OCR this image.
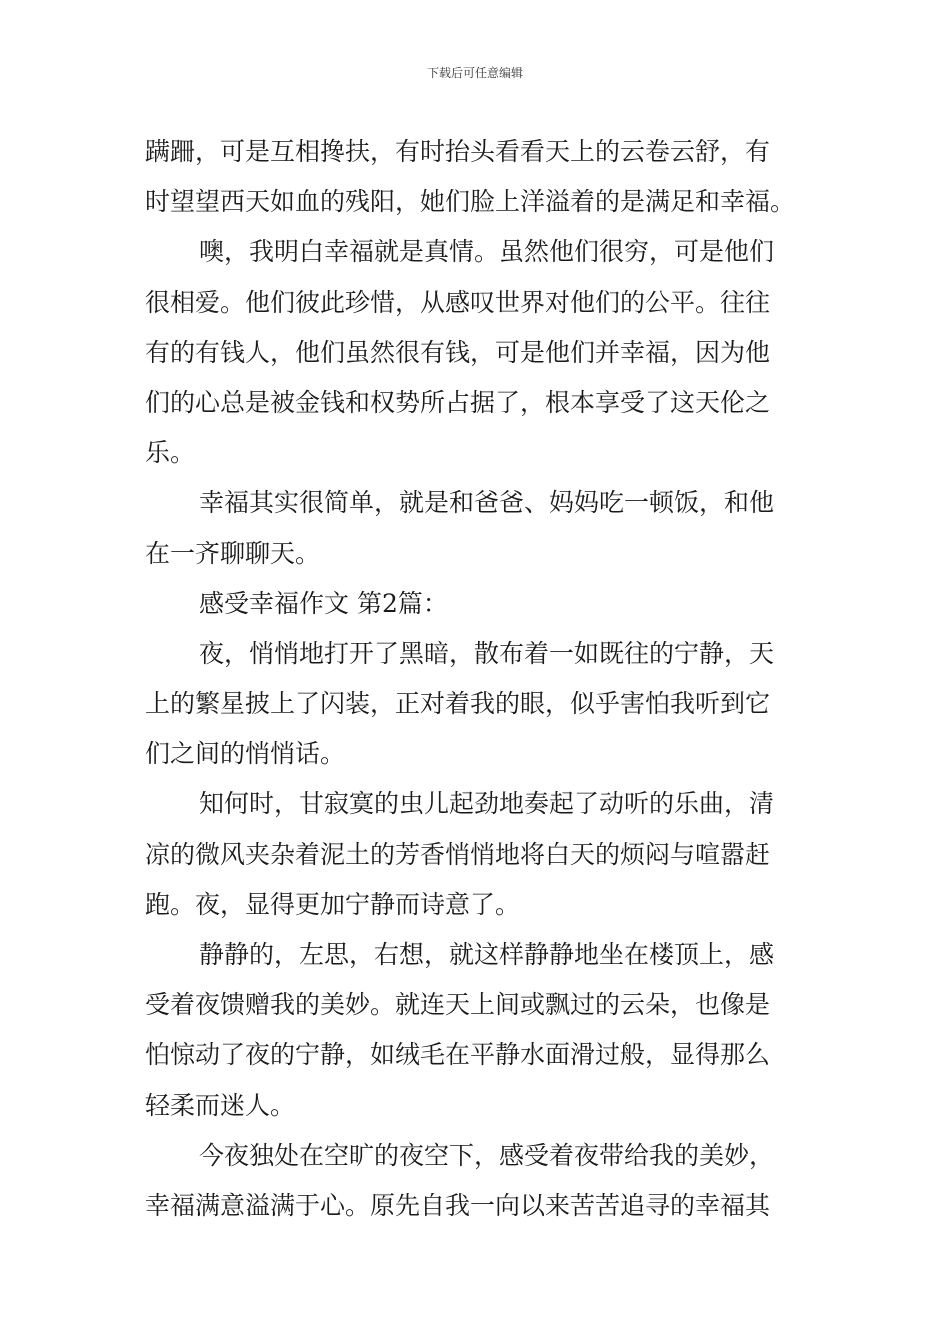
下载后可任意编辑
蹒跚，可是互相搀扶，有时抬头看看天上的云卷云舒，有
时望望西天如血的残阳，她们脸上洋溢着的是满足和幸福。
噢，我明白幸福就是真情。虽然他们很穷，可是他们
很相爱。他们彼此珍惜，从感叹世界对他们的公平。往往
有的有钱人，他们虽然很有钱，可是他们并幸福，因为他
们的心总是被金钱和权势所占据了，根本享受了这天伦之
乐。
幸福其实很简单，就是和爸爸、妈妈吃一顿饭，和他
在一齐聊聊天。
感受幸福作文 第2篇：
夜，悄悄地打开了黑暗，散布着一如既往的宁静，天
上的繁星披上了闪装，正对着我的眼，似乎害怕我听到它
们之间的悄悄话。
知何时，甘寂寞的虫儿起劲地奏起了动听的乐曲，清
凉的微风夹杂着泥土的芳香悄悄地将白天的烦闷与喧嚣赶
跑。夜，显得更加宁静而诗意了。
静静的，左思，右想，就这样静静地坐在楼顶上，感
受着夜馈赠我的美妙。就连天上间或飘过的云朵，也像是
怕惊动了夜的宁静，如绒毛在平静水面滑过般，显得那么
轻柔而迷人。
今夜独处在空旷的夜空下，感受着夜带给我的美妙，
幸福满意溢满于心。原先自我一向以来苦苦追寻的幸福其
